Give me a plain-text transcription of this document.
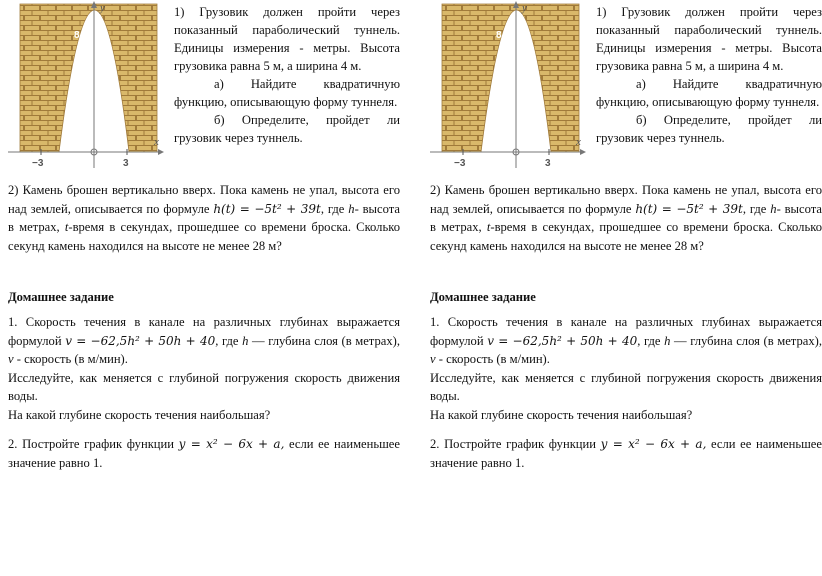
y
x
8
−3	3

1) Грузовик должен пройти через показанный параболический туннель. Единицы измерения - метры. Высота грузовика равна 5 м, а ширина 4 м.
а) Найдите квадратичную функцию, описывающую форму туннеля.
б) Определите, пройдет ли грузовик через туннель.

2) Камень брошен вертикально вверх. Пока камень не упал, высота его над землей, описывается по формуле h(t) = −5t² + 39t, где h- высота в метрах, t-время в секундах, прошедшее со времени броска. Сколько секунд камень находился на высоте не менее 28 м?

Домашнее задание

1. Скорость течения в канале на различных глубинах выражается формулой v = −62,5h² + 50h + 40, где h — глубина слоя (в метрах), v - скорость (в м/мин).
Исследуйте, как меняется с глубиной погружения скорость движения воды.
На какой глубине скорость течения наибольшая?

2. Постройте график функции y = x² − 6x + a, если ее наименьшее значение равно 1.

y
x
8
−3	3

1) Грузовик должен пройти через показанный параболический туннель. Единицы измерения - метры. Высота грузовика равна 5 м, а ширина 4 м.
а) Найдите квадратичную функцию, описывающую форму туннеля.
б) Определите, пройдет ли грузовик через туннель.

2) Камень брошен вертикально вверх. Пока камень не упал, высота его над землей, описывается по формуле h(t) = −5t² + 39t, где h- высота в метрах, t-время в секундах, прошедшее со времени броска. Сколько секунд камень находился на высоте не менее 28 м?

Домашнее задание

1. Скорость течения в канале на различных глубинах выражается формулой v = −62,5h² + 50h + 40, где h — глубина слоя (в метрах), v - скорость (в м/мин).
Исследуйте, как меняется с глубиной погружения скорость движения воды.
На какой глубине скорость течения наибольшая?

2. Постройте график функции y = x² − 6x + a, если ее наименьшее значение равно 1.
